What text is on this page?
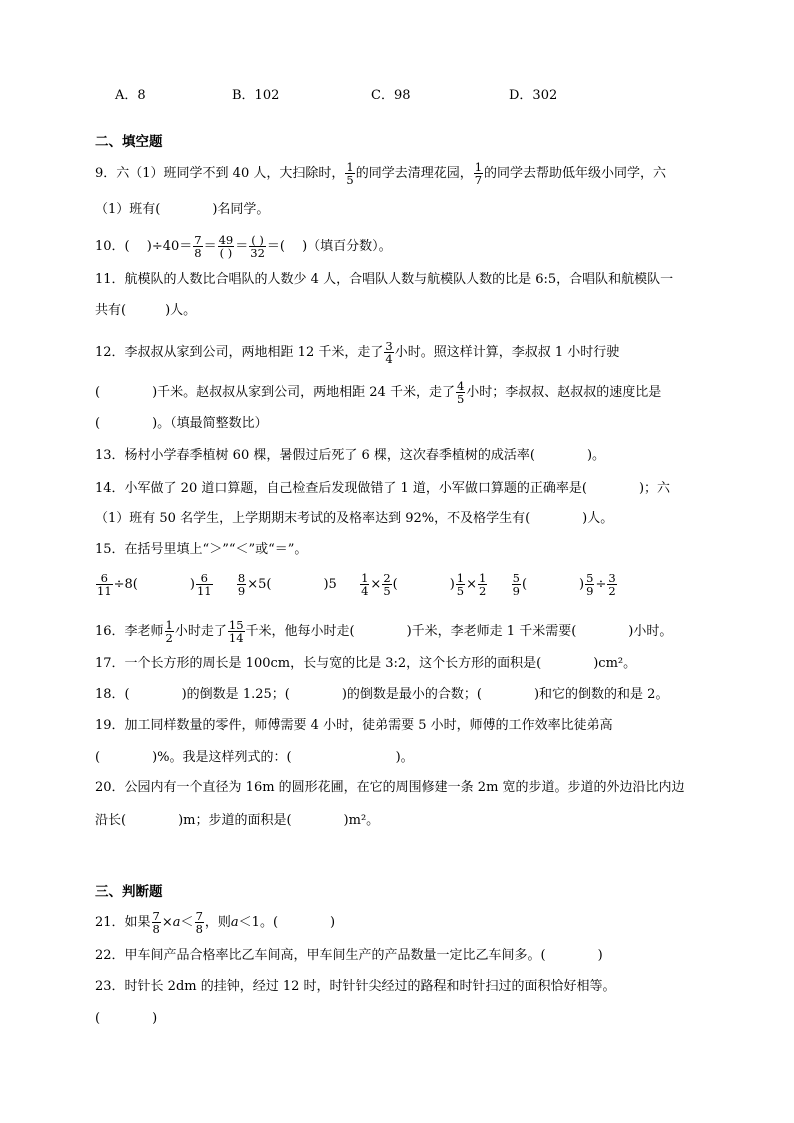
A．8	B．102	C．98	D．302
二、填空题
9．六（1）班同学不到 40 人，大扫除时， $\frac{1}{5}$ 的同学去清理花园， $\frac{1}{7}$ 的同学去帮助低年级小同学，六
（1）班有(　　　　)名同学。
10．(　 )$\div 40= \frac{7}{8} = \frac{49}{( )} = \frac{( )}{32}$ ＝(　 )（填百分数）。
11．航模队的人数比合唱队的人数少 4 人，合唱队人数与航模队人数的比是 6:5，合唱队和航模队一
共有(　　　)人。
12．李叔叔从家到公司，两地相距 12 千米，走了 $\frac{3}{4}$ 小时。照这样计算，李叔叔 1 小时行驶
(　　　　)千米。赵叔叔从家到公司，两地相距 24 千米，走了 $\frac{4}{5}$ 小时；李叔叔、赵叔叔的速度比是
(　　　　)。（填最简整数比）
13．杨村小学春季植树 60 棵，暑假过后死了 6 棵，这次春季植树的成活率(　　　　)。
14．小军做了 20 道口算题，自己检查后发现做错了 1 道，小军做口算题的正确率是(　　　　)；六
（1）班有 50 名学生，上学期期末考试的及格率达到 92%，不及格学生有(　　　　)人。
15．在括号里填上“＞”“＜”或“＝”。
$\frac{6}{11} \div 8$(　　　　) $\frac{6}{11}$
$\frac{8}{9} \times 5$(　　　　)$5 \frac{1}{4} \times \frac{2}{5}$ (　　　　) $\frac{1}{5} \times \frac{1}{2}$
$\frac{5}{9}$ (　　　　) $\frac{5}{9} \div \frac{3}{2}$
16．李老师 $\frac{1}{2}$ 小时走了 $\frac{15}{14}$ 千米，他每小时走(　　　　)千米，李老师走 1 千米需要(　　　　)小时。
17．一个长方形的周长是 100cm，长与宽的比是 3:2，这个长方形的面积是(　　　　)cm²。
18．(　　　　)的倒数是 1.25；(　　　　)的倒数是最小的合数；(　　　　)和它的倒数的和是 2。
19．加工同样数量的零件，师傅需要 4 小时，徒弟需要 5 小时，师傅的工作效率比徒弟高
(　　　　)%。我是这样列式的：(　　　　　　　　)。
20．公园内有一个直径为 16m 的圆形花圃，在它的周围修建一条 2m 宽的步道。步道的外边沿比内边
沿长(　　　　)m；步道的面积是(　　　　)m²。
三、判断题
21．如果 $\frac{7}{8} \times a< \frac{7}{8}$ ，则a＜1。(　　　　)
22．甲车间产品合格率比乙车间高，甲车间生产的产品数量一定比乙车间多。(　　　　)
23．时针长 2dm 的挂钟，经过 12 时，时针针尖经过的路程和时针扫过的面积恰好相等。
(　　　　)
